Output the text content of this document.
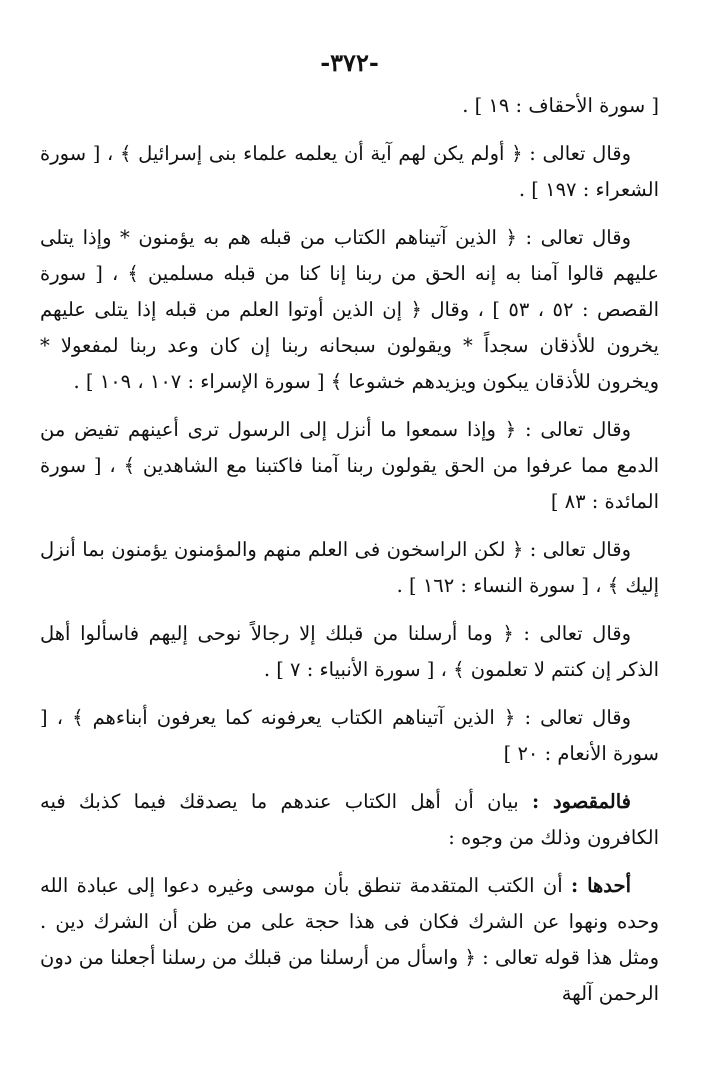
-٣٧٢-

[ سورة الأحقاف : ١٩ ] .

وقال تعالى : ﴿ أولم يكن لهم آية أن يعلمه علماء بنى إسرائيل ﴾ ، [ سورة الشعراء : ١٩٧ ] .

وقال تعالى : ﴿ الذين آتيناهم الكتاب من قبله هم به يؤمنون * وإذا يتلى عليهم قالوا آمنا به إنه الحق من ربنا إنا كنا من قبله مسلمين ﴾ ، [ سورة القصص : ٥٢ ، ٥٣ ] ، وقال ﴿ إن الذين أوتوا العلم من قبله إذا يتلى عليهم يخرون للأذقان سجداً * ويقولون سبحانه ربنا إن كان وعد ربنا لمفعولا * ويخرون للأذقان يبكون ويزيدهم خشوعا ﴾ [ سورة الإسراء : ١٠٧ ، ١٠٩ ] .

وقال تعالى : ﴿ وإذا سمعوا ما أنزل إلى الرسول ترى أعينهم تفيض من الدمع مما عرفوا من الحق يقولون ربنا آمنا فاكتبنا مع الشاهدين ﴾ ، [ سورة المائدة : ٨٣ ]

وقال تعالى : ﴿ لكن الراسخون فى العلم منهم والمؤمنون يؤمنون بما أنزل إليك ﴾ ، [ سورة النساء : ١٦٢ ] .

وقال تعالى : ﴿ وما أرسلنا من قبلك إلا رجالاً نوحى إليهم فاسألوا أهل الذكر إن كنتم لا تعلمون ﴾ ، [ سورة الأنبياء : ٧ ] .

وقال تعالى : ﴿ الذين آتيناهم الكتاب يعرفونه كما يعرفون أبناءهم ﴾ ، [ سورة الأنعام : ٢٠ ]

فالمقصود : بيان أن أهل الكتاب عندهم ما يصدقك فيما كذبك فيه الكافرون وذلك من وجوه :

أحدها : أن الكتب المتقدمة تنطق بأن موسى وغيره دعوا إلى عبادة الله وحده ونهوا عن الشرك فكان فى هذا حجة على من ظن أن الشرك دين . ومثل هذا قوله تعالى : ﴿ واسأل من أرسلنا من قبلك من رسلنا أجعلنا من دون الرحمن آلهة
